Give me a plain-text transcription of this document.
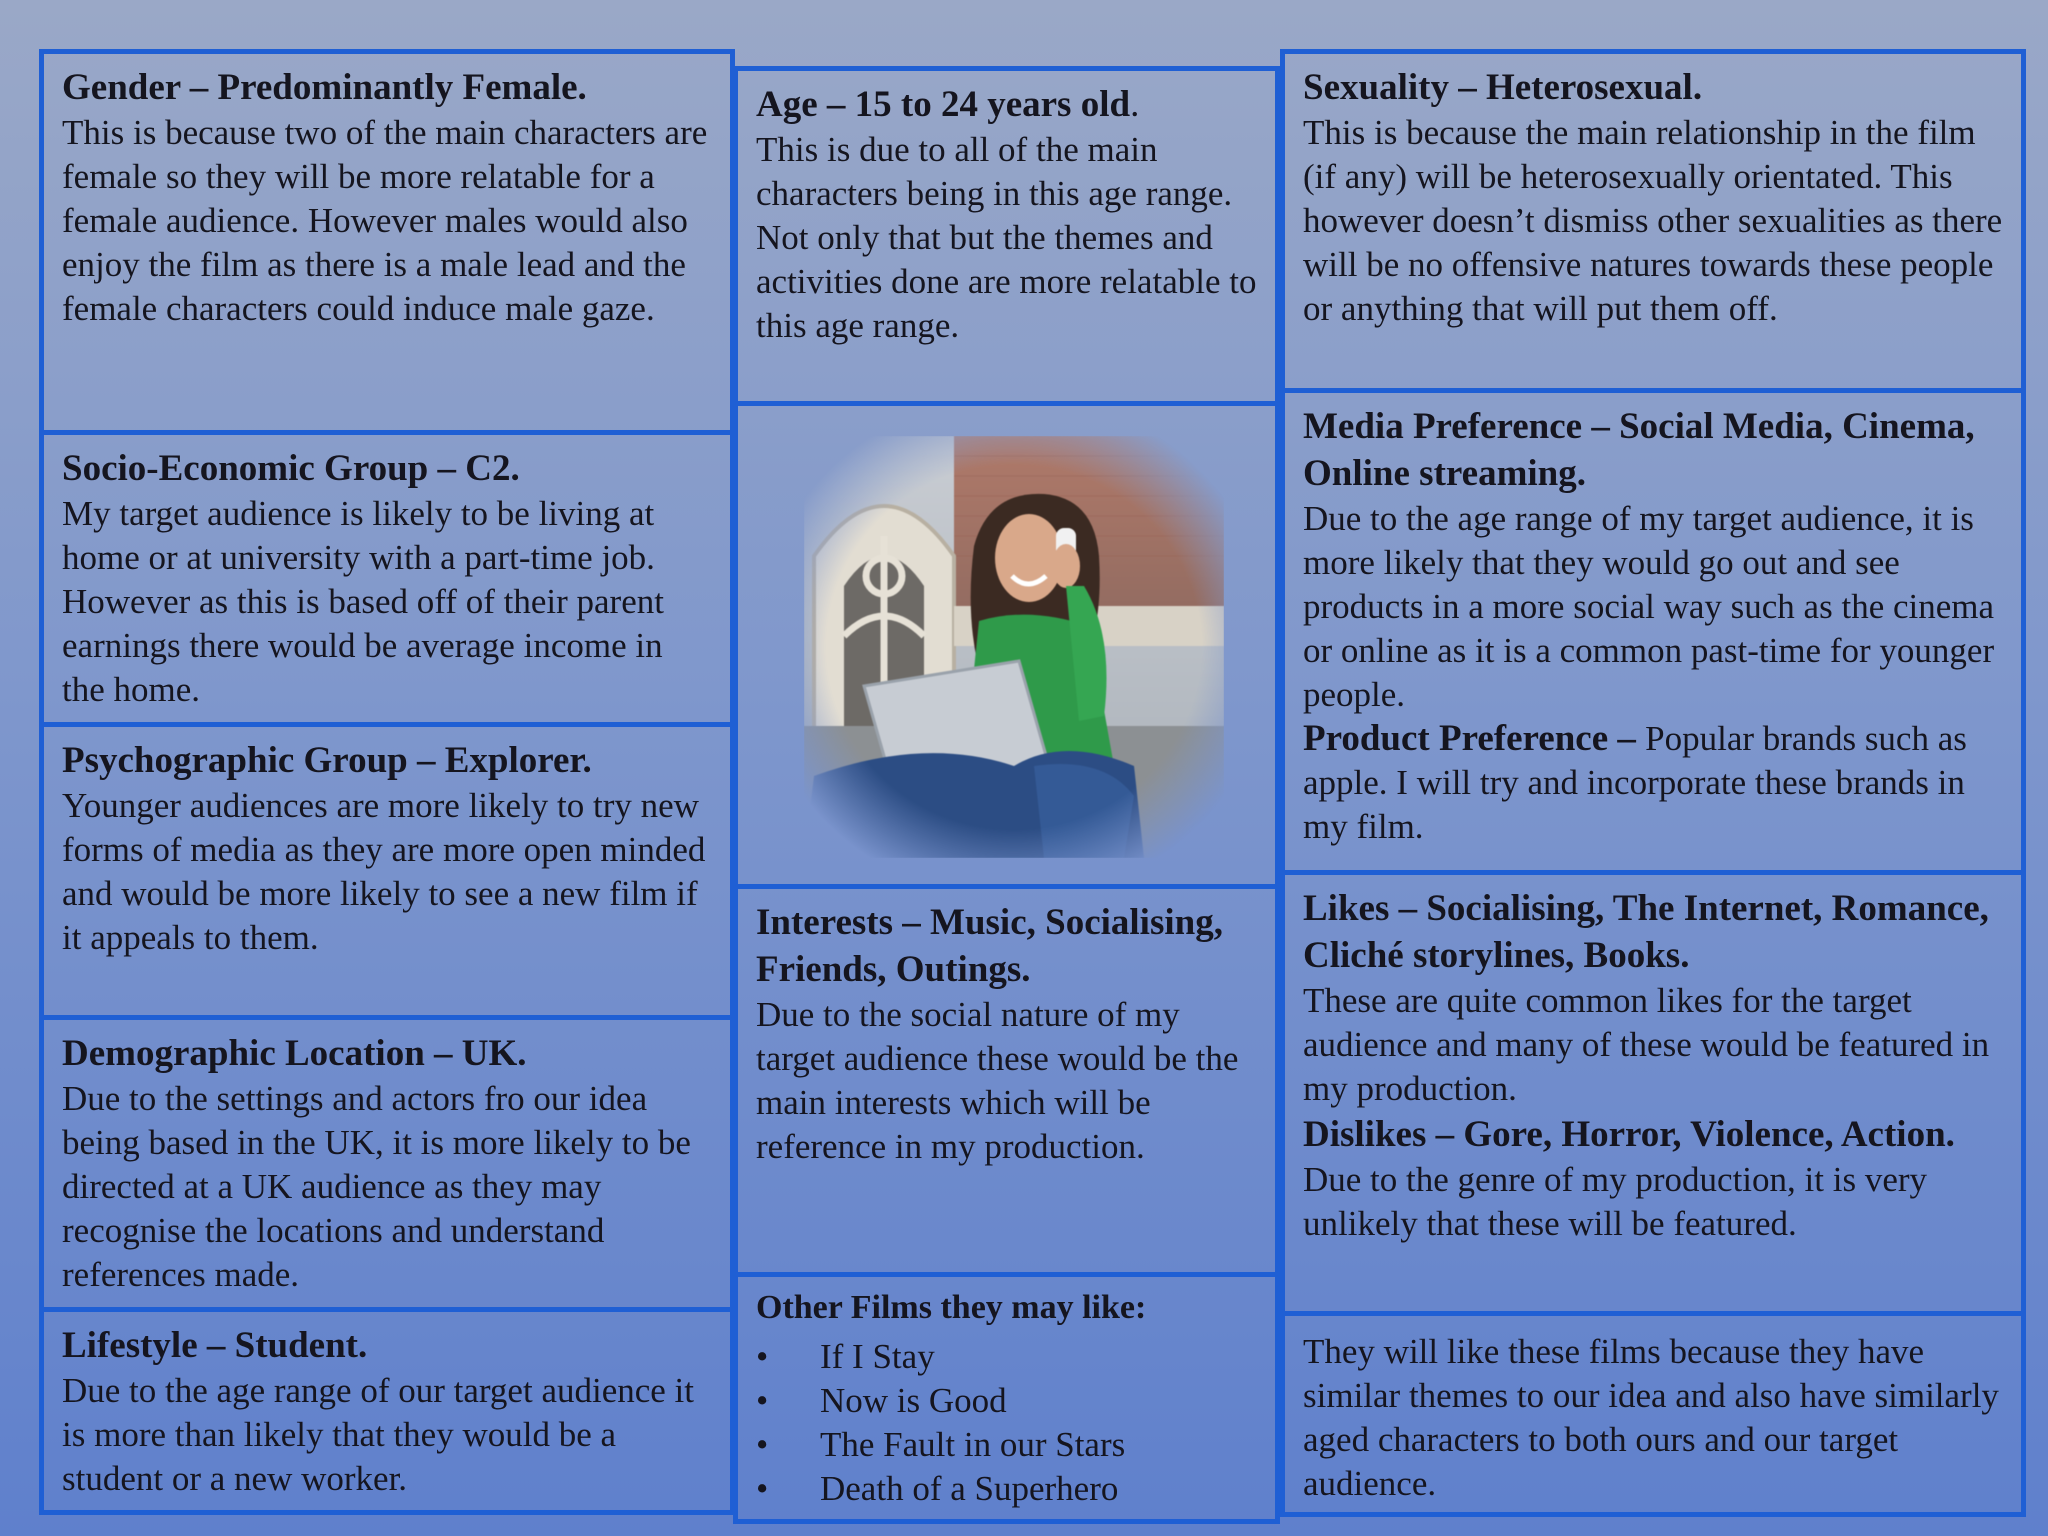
Gender – Predominantly Female.

This is because two of the main characters are female so they will be more relatable for a female audience. However males would also enjoy the film as there is a male lead and the female characters could induce male gaze.

Socio-Economic Group – C2.

My target audience is likely to be living at home or at university with a part-time job. However as this is based off of their parent earnings there would be average income in the home.

Psychographic Group – Explorer.

Younger audiences are more likely to try new forms of media as they are more open minded and would be more likely to see a new film if it appeals to them.

Demographic Location – UK.

Due to the settings and actors fro our idea being based in the UK, it is more likely to be directed at a UK audience as they may recognise the locations and understand references made.

Lifestyle – Student.

Due to the age range of our target audience it is more than likely that they would be a student or a new worker.

Age – 15 to 24 years old.

This is due to all of the main characters being in this age range. Not only that but the themes and activities done are more relatable to this age range.

Interests – Music, Socialising, Friends, Outings.

Due to the social nature of my target audience these would be the main interests which will be reference in my production.

Other Films they may like:
• If I Stay
• Now is Good
• The Fault in our Stars
• Death of a Superhero
Sexuality – Heterosexual.

This is because the main relationship in the film (if any) will be heterosexually orientated. This however doesn’t dismiss other sexualities as there will be no offensive natures towards these people or anything that will put them off.

Media Preference – Social Media, Cinema, Online streaming.

Due to the age range of my target audience, it is more likely that they would go out and see products in a more social way such as the cinema or online as it is a common past-time for younger people.

Product Preference – Popular brands such as apple. I will try and incorporate these brands in my film.

Likes – Socialising, The Internet, Romance, Cliché storylines, Books.

These are quite common likes for the target audience and many of these would be featured in my production.

Dislikes – Gore, Horror, Violence, Action.

Due to the genre of my production, it is very unlikely that these will be featured.

They will like these films because they have similar themes to our idea and also have similarly aged characters to both ours and our target audience.
